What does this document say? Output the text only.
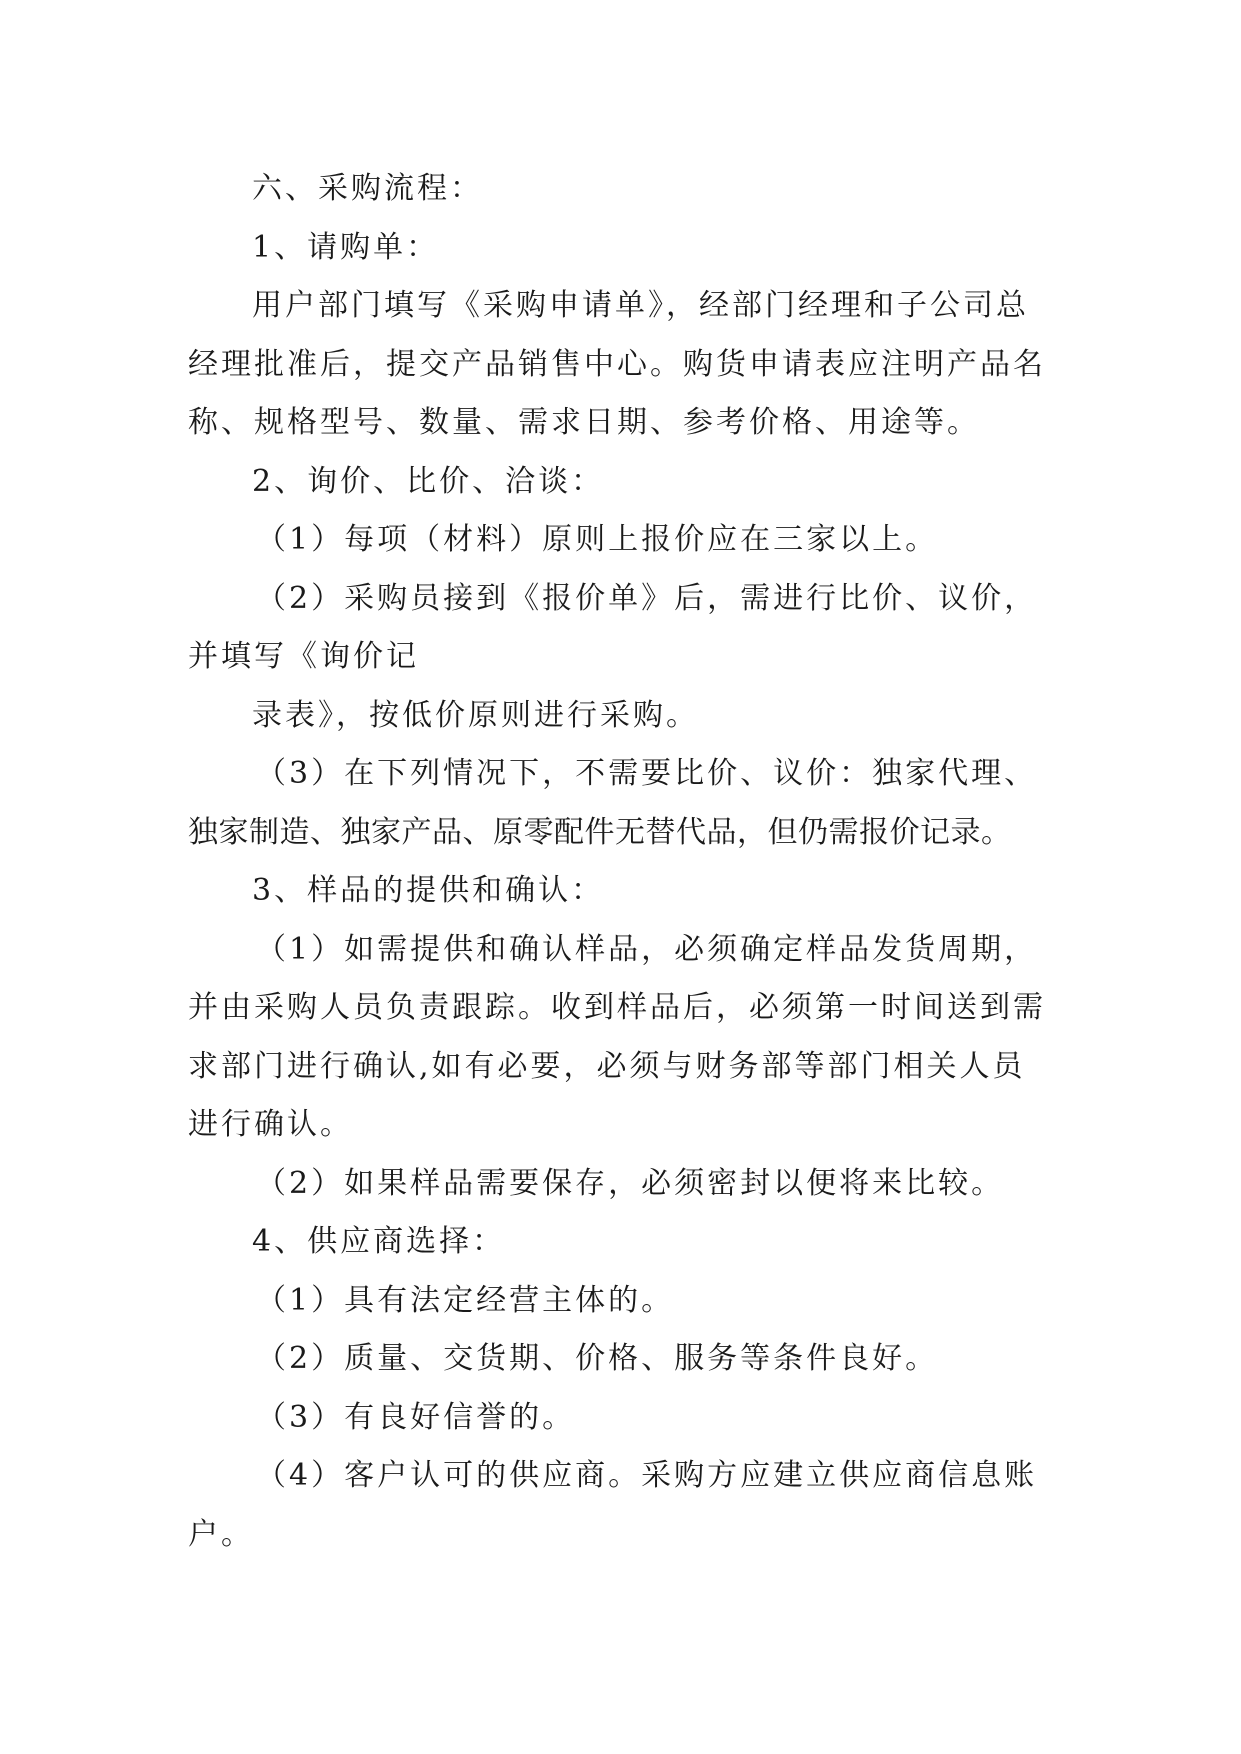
六、采购流程：
1、请购单：
用户部门填写《采购申请单》，经部门经理和子公司总
经理批准后，提交产品销售中心。购货申请表应注明产品名
称、规格型号、数量、需求日期、参考价格、用途等。
2、询价、比价、洽谈：
（1）每项（材料）原则上报价应在三家以上。
（2）采购员接到《报价单》后，需进行比价、议价，
并填写《询价记
录表》，按低价原则进行采购。
（3）在下列情况下，不需要比价、议价：独家代理、
独家制造、独家产品、原零配件无替代品，但仍需报价记录。
3、样品的提供和确认：
（1）如需提供和确认样品，必须确定样品发货周期，
并由采购人员负责跟踪。收到样品后，必须第一时间送到需
求部门进行确认,如有必要，必须与财务部等部门相关人员
进行确认。
（2）如果样品需要保存，必须密封以便将来比较。
4、供应商选择：
（1）具有法定经营主体的。
（2）质量、交货期、价格、服务等条件良好。
（3）有良好信誉的。
（4）客户认可的供应商。采购方应建立供应商信息账
户。
